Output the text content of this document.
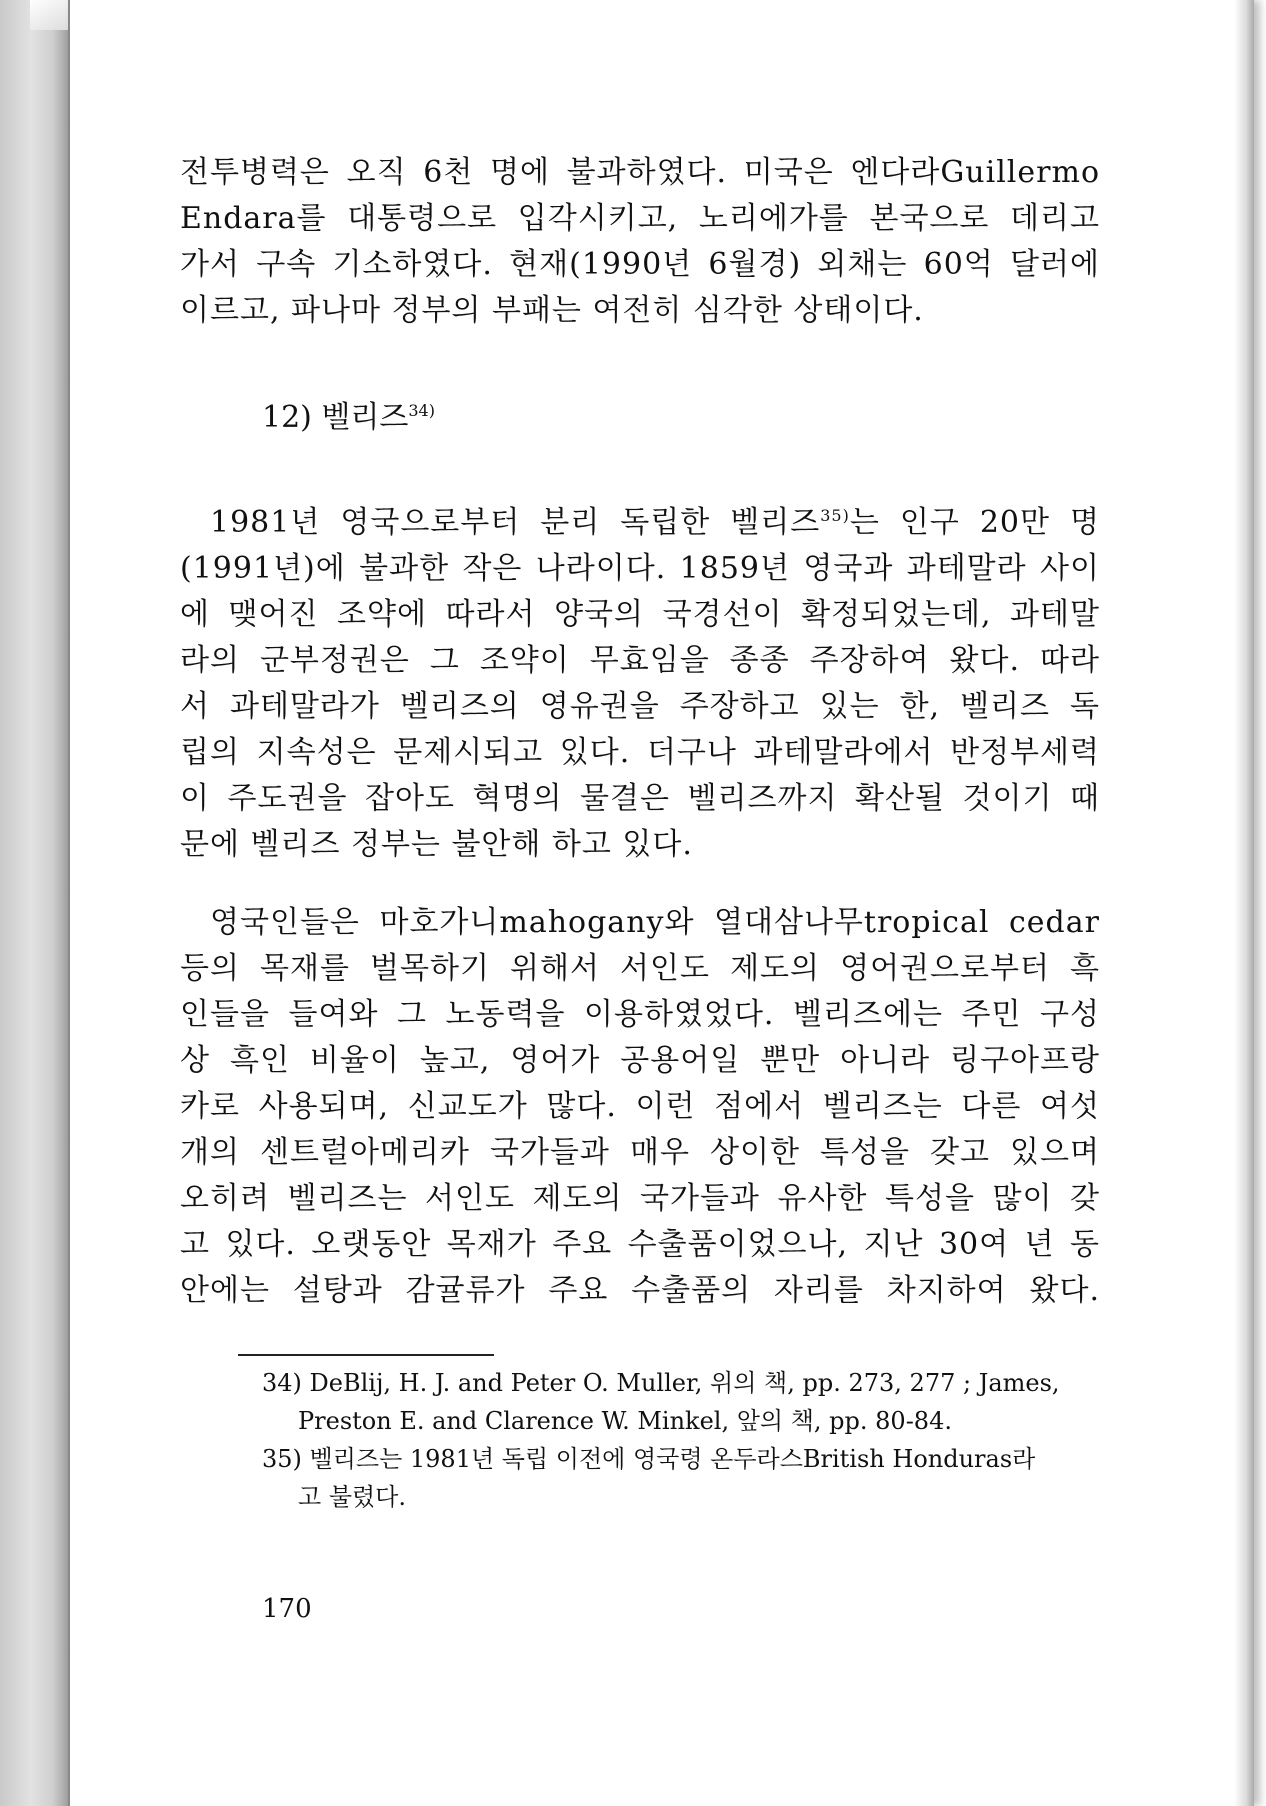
전투병력은 오직 6천 명에 불과하였다. 미국은 엔다라Guillermo

Endara를 대통령으로 입각시키고, 노리에가를 본국으로 데리고

가서 구속 기소하였다. 현재(1990년 6월경) 외채는 60억 달러에

이르고, 파나마 정부의 부패는 여전히 심각한 상태이다.

12) 벨리즈$^{34)}$

1981년 영국으로부터 분리 독립한 벨리즈$^{35)}$는 인구 20만 명

(1991년)에 불과한 작은 나라이다. 1859년 영국과 과테말라 사이

에 맺어진 조약에 따라서 양국의 국경선이 확정되었는데, 과테말

라의 군부정권은 그 조약이 무효임을 종종 주장하여 왔다. 따라

서 과테말라가 벨리즈의 영유권을 주장하고 있는 한, 벨리즈 독

립의 지속성은 문제시되고 있다. 더구나 과테말라에서 반정부세력

이 주도권을 잡아도 혁명의 물결은 벨리즈까지 확산될 것이기 때

문에 벨리즈 정부는 불안해 하고 있다.

영국인들은 마호가니mahogany와 열대삼나무tropical cedar

등의 목재를 벌목하기 위해서 서인도 제도의 영어권으로부터 흑

인들을 들여와 그 노동력을 이용하였었다. 벨리즈에는 주민 구성

상 흑인 비율이 높고, 영어가 공용어일 뿐만 아니라 링구아프랑

카로 사용되며, 신교도가 많다. 이런 점에서 벨리즈는 다른 여섯

개의 센트럴아메리카 국가들과 매우 상이한 특성을 갖고 있으며

오히려 벨리즈는 서인도 제도의 국가들과 유사한 특성을 많이 갖

고 있다. 오랫동안 목재가 주요 수출품이었으나, 지난 30여 년 동

안에는 설탕과 감귤류가 주요 수출품의 자리를 차지하여 왔다.

34) DeBlij, H. J. and Peter O. Muller, 위의 책, pp. 273, 277 ; James,

Preston E. and Clarence W. Minkel, 앞의 책, pp. 80-84.

35) 벨리즈는 1981년 독립 이전에 영국령 온두라스British Honduras라

고 불렸다.

170
